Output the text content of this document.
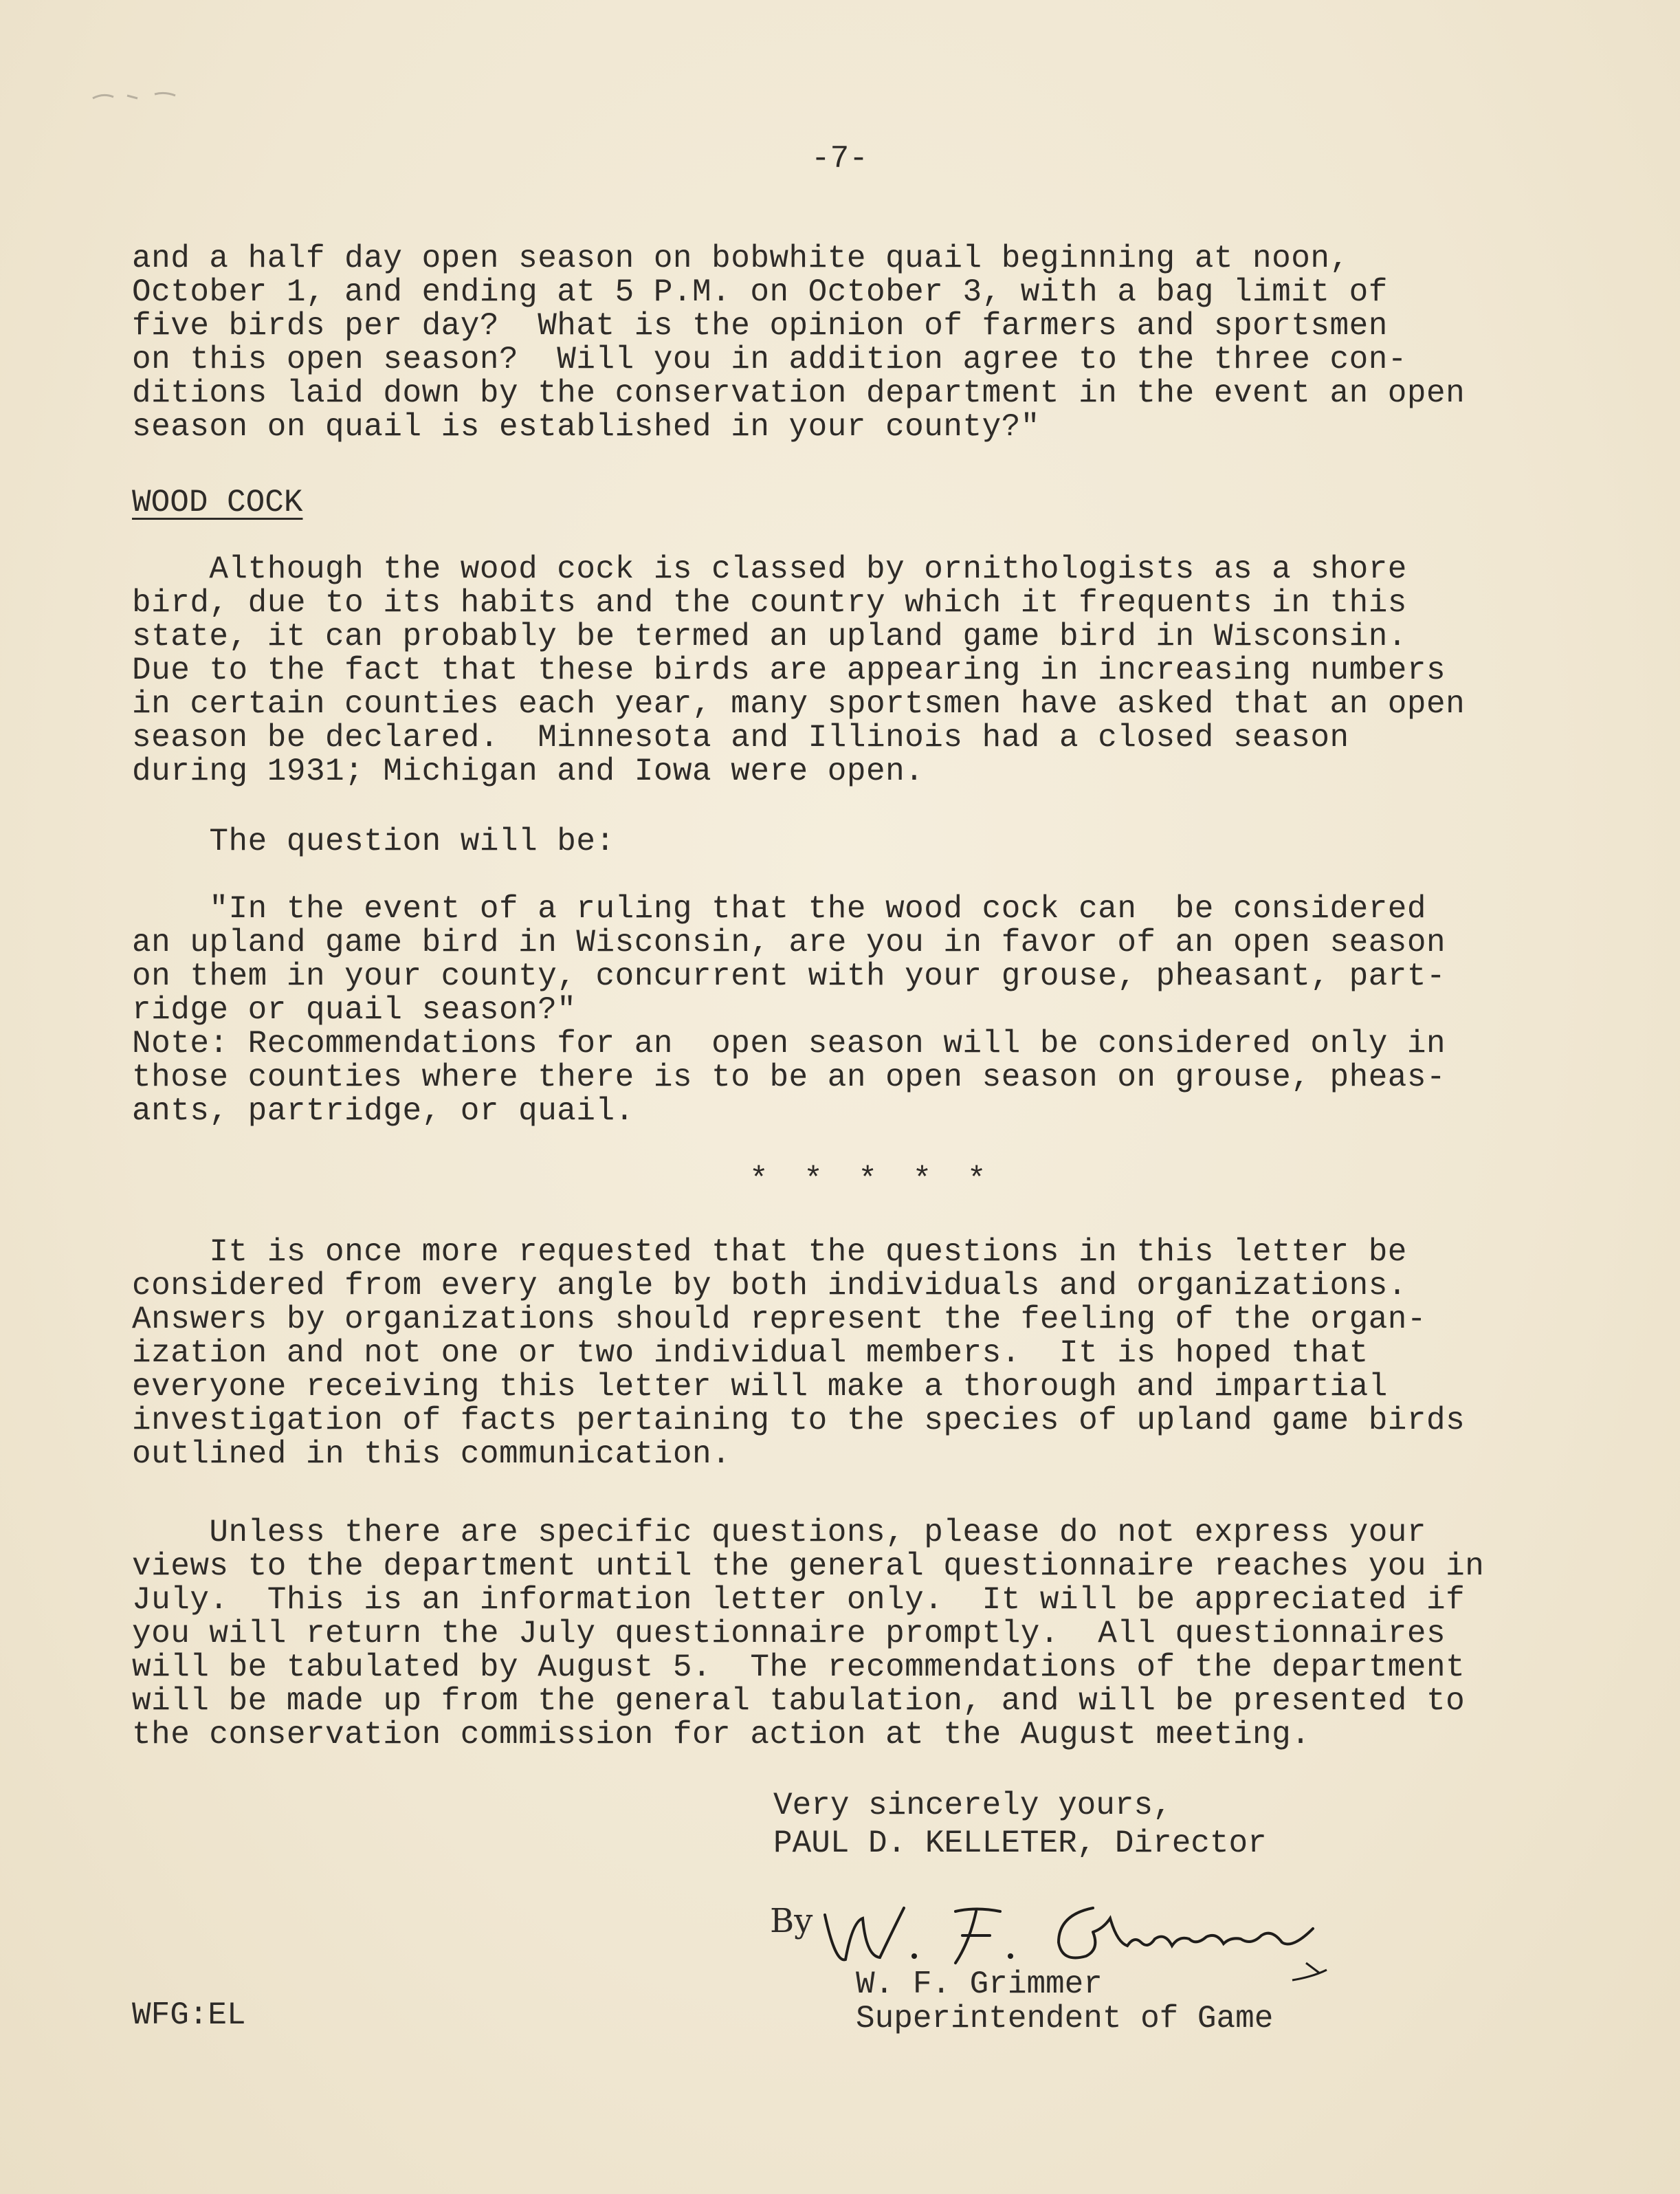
-7-
and a half day open season on bobwhite quail beginning at noon,
October 1, and ending at 5 P.M. on October 3, with a bag limit of
five birds per day?  What is the opinion of farmers and sportsmen
on this open season?  Will you in addition agree to the three con-
ditions laid down by the conservation department in the event an open
season on quail is established in your county?"
WOOD COCK
Although the wood cock is classed by ornithologists as a shore
bird, due to its habits and the country which it frequents in this
state, it can probably be termed an upland game bird in Wisconsin.
Due to the fact that these birds are appearing in increasing numbers
in certain counties each year, many sportsmen have asked that an open
season be declared.  Minnesota and Illinois had a closed season
during 1931; Michigan and Iowa were open.
The question will be:
"In the event of a ruling that the wood cock can  be considered
an upland game bird in Wisconsin, are you in favor of an open season
on them in your county, concurrent with your grouse, pheasant, part-
ridge or quail season?"
Note: Recommendations for an  open season will be considered only in
those counties where there is to be an open season on grouse, pheas-
ants, partridge, or quail.
* * * * *
It is once more requested that the questions in this letter be
considered from every angle by both individuals and organizations.
Answers by organizations should represent the feeling of the organ-
ization and not one or two individual members.  It is hoped that
everyone receiving this letter will make a thorough and impartial
investigation of facts pertaining to the species of upland game birds
outlined in this communication.
Unless there are specific questions, please do not express your
views to the department until the general questionnaire reaches you in
July.  This is an information letter only.  It will be appreciated if
you will return the July questionnaire promptly.  All questionnaires
will be tabulated by August 5.  The recommendations of the department
will be made up from the general tabulation, and will be presented to
the conservation commission for action at the August meeting.
Very sincerely yours,
PAUL D. KELLETER, Director
By
W. F. Grimmer
W. F. Grimmer
Superintendent of Game
WFG:EL
